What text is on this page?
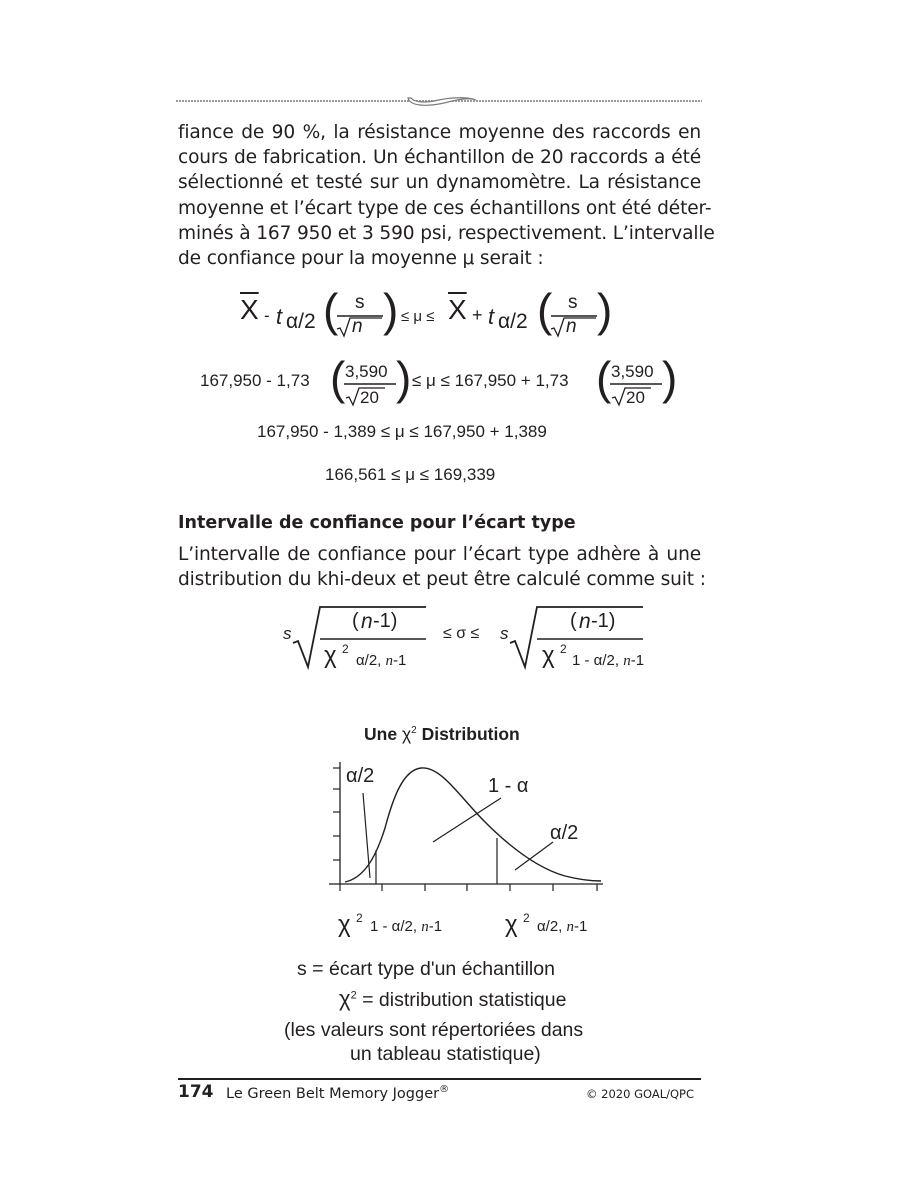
fiance de 90 %, la résistance moyenne des raccords en
cours de fabrication. Un échantillon de 20 raccords a été
sélectionné et testé sur un dynamomètre. La résistance
moyenne et l’écart type de ces échantillons ont été déter-
minés à 167 950 et 3 590 psi, respectivement. L’intervalle
de confiance pour la moyenne μ serait :
$\overline{X}$ - t α/2 ( s
n ) ≤ $\mu \le \overline{X} + t$ α/2 ( s
n )
167,950 - 1,73 ( 3,590
20 ) ≤ μ ≤ 167,950 + 1,73 ( 3,590
20 )
167,950 - 1,389 ≤ μ ≤ 167,950 + 1,389
166,561 ≤ μ ≤ 169,339
Intervalle de confiance pour l’écart type
L’intervalle de confiance pour l’écart type adhère à une
distribution du khi-deux et peut être calculé comme suit :
s
( n -1)
χ 2
α/2, n-1
≤ σ ≤ s
( n -1)
χ 2
1 - α/2, n-1
Une $\chi^2$ Distribution
α/2	1 - α
α/2
χ 2 1 - α/2, n-1	χ 2 α/2, n-1
s = écart type d'un échantillon
$\chi^2$ = distribution statistique
(les valeurs sont répertoriées dans
un tableau statistique)
174 Le Green Belt Memory Jogger®	© 2020 GOAL/QPC
